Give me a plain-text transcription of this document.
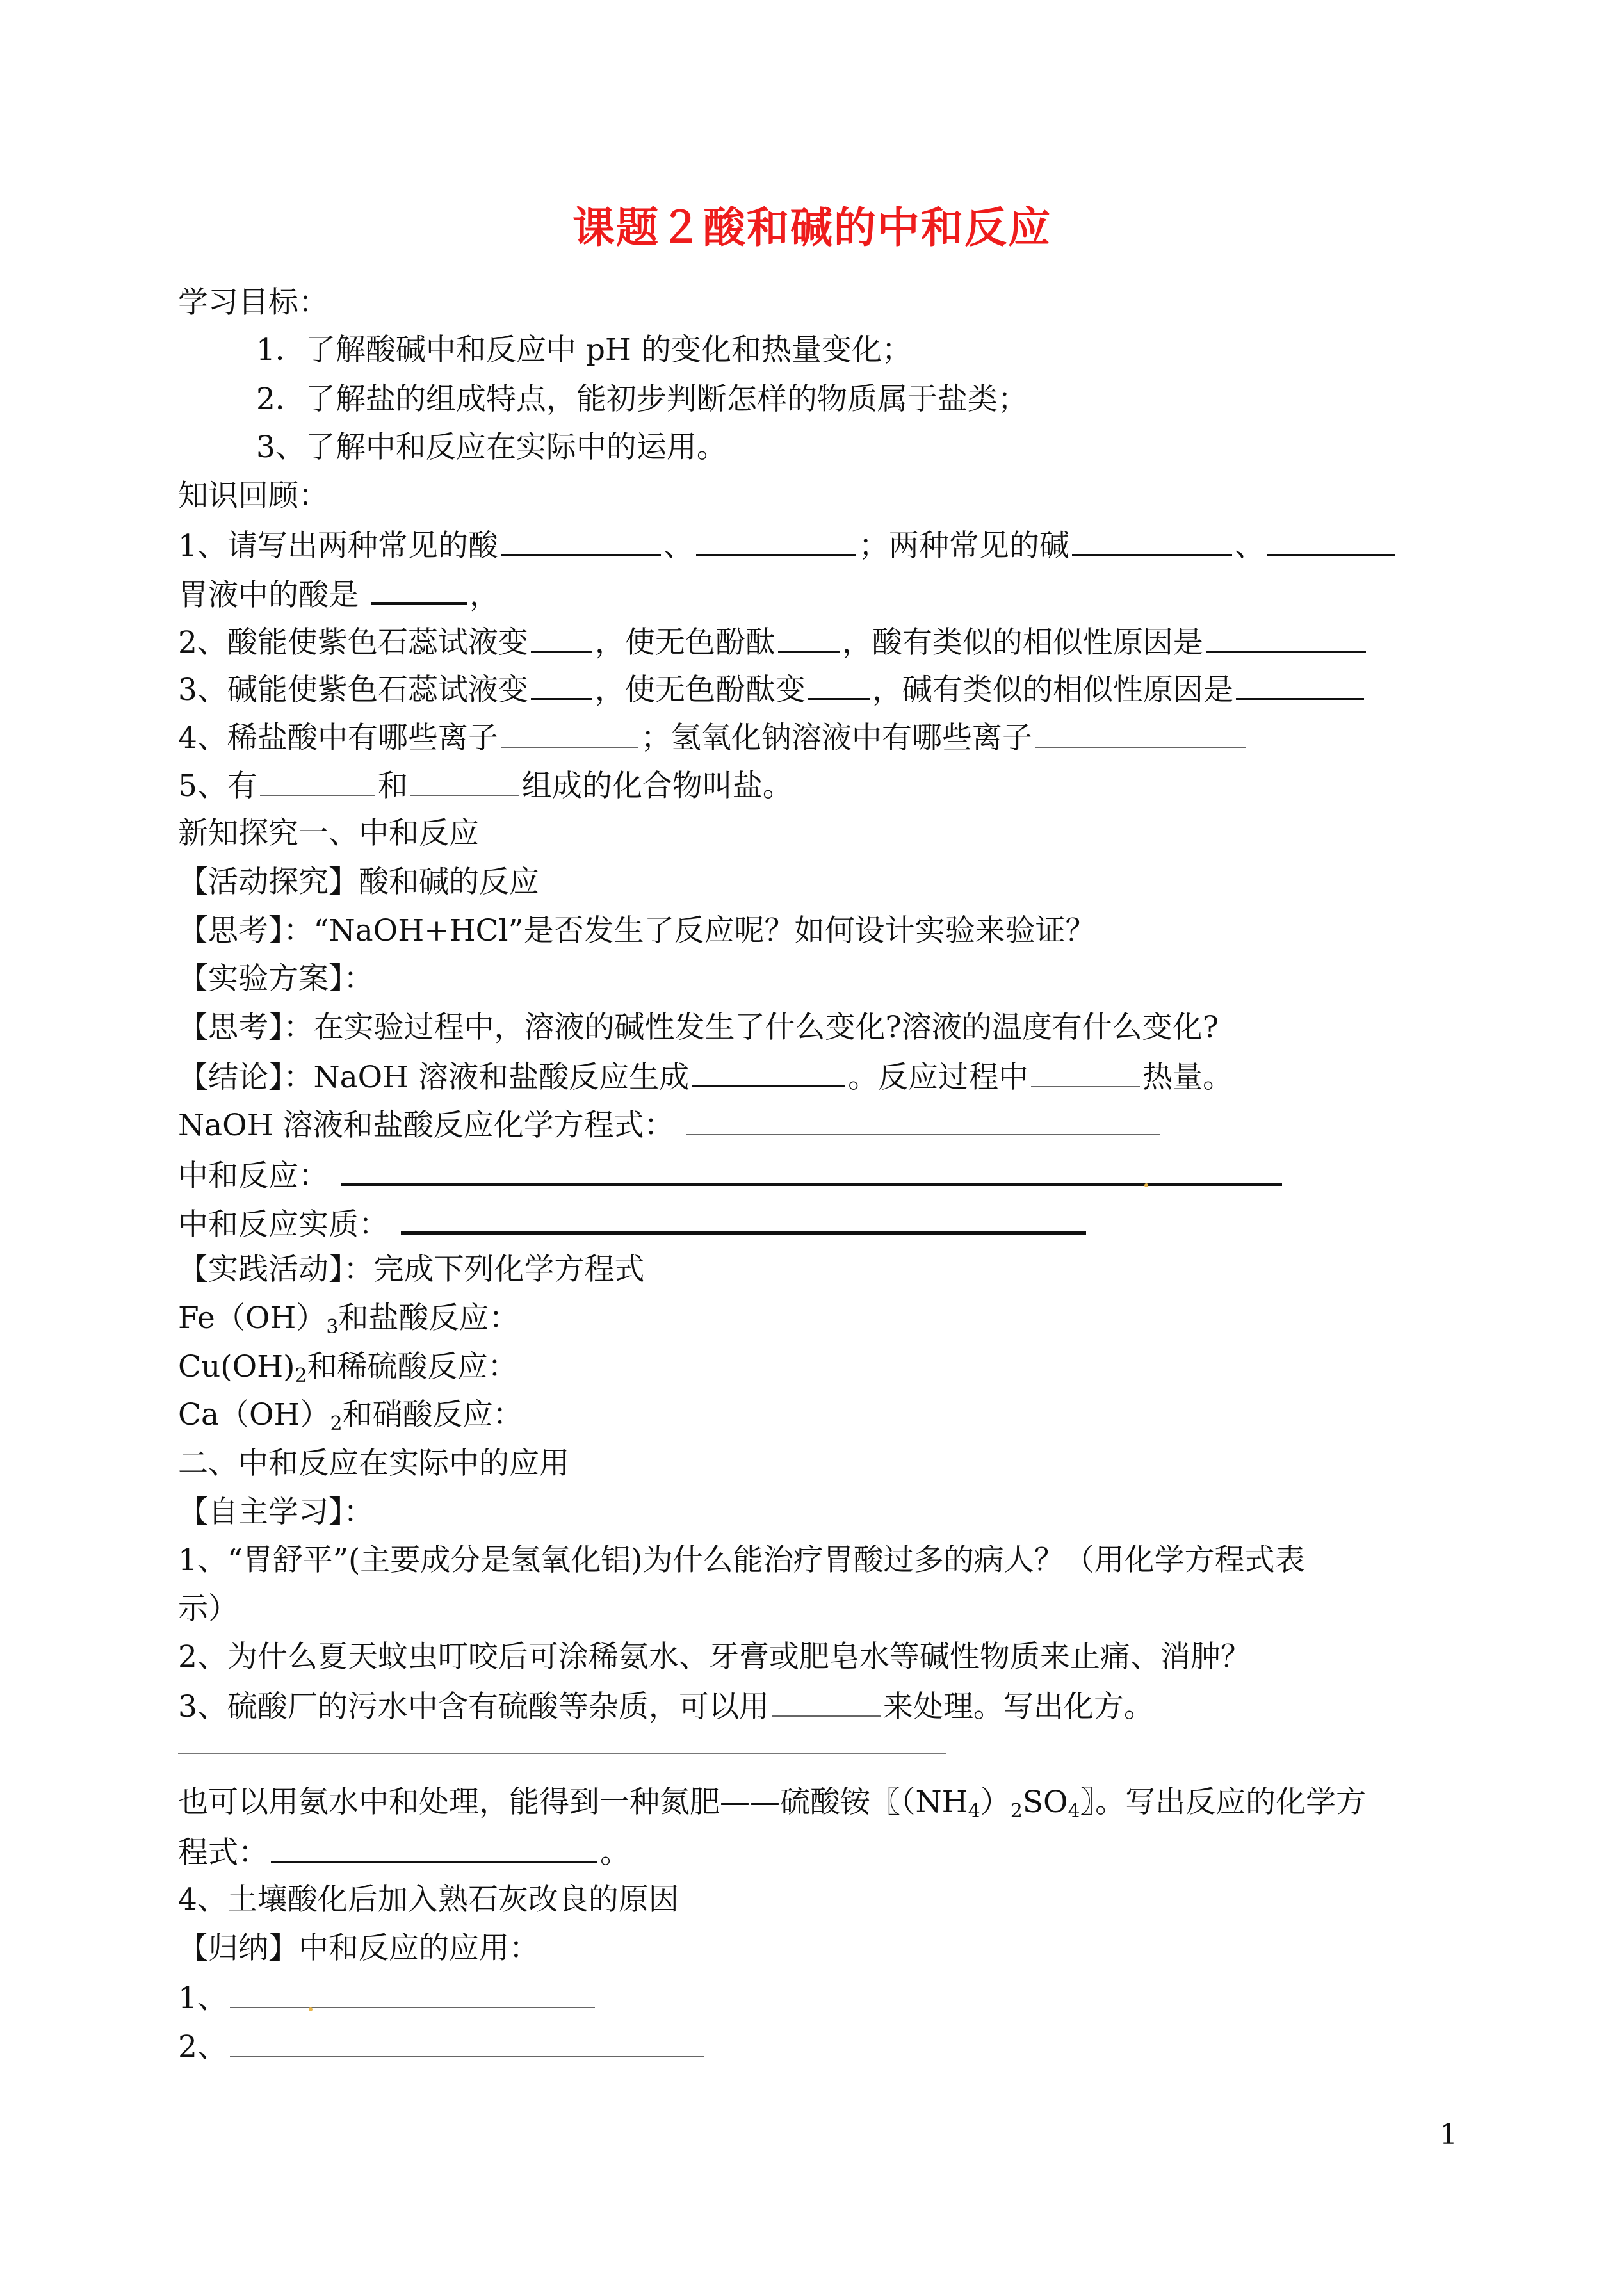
课题２酸和碱的中和反应
学习目标：
1．了解酸碱中和反应中 pH 的变化和热量变化；
2．了解盐的组成特点，能初步判断怎样的物质属于盐类；
3、了解中和反应在实际中的运用。
知识回顾：
1、请写出两种常见的酸	、	；两种常见的碱	、
胃液中的酸是	，
2、酸能使紫色石蕊试液变 ，使无色酚酞 ，酸有类似的相似性原因是
3、碱能使紫色石蕊试液变 ，使无色酚酞变 ，碱有类似的相似性原因是
4、稀盐酸中有哪些离子	；氢氧化钠溶液中有哪些离子
5、有	和	组成的化合物叫盐。
新知探究一、中和反应
【活动探究】酸和碱的反应
【思考】：“NaOH+HCl”是否发生了反应呢？如何设计实验来验证？
【实验方案】：
【思考】：在实验过程中，溶液的碱性发生了什么变化?溶液的温度有什么变化?
【结论】：NaOH 溶液和盐酸反应生成	。反应过程中	热量。
NaOH 溶液和盐酸反应化学方程式：
中和反应：
中和反应实质：
【实践活动】：完成下列化学方程式
$Fe(OH)_3$和盐酸反应：
$Cu(OH)_2$和稀硫酸反应：
$Ca(OH)_2$和硝酸反应：
二、中和反应在实际中的应用
【自主学习】：
1、“胃舒平”(主要成分是氢氧化铝)为什么能治疗胃酸过多的病人？（用化学方程式表
示）
2、为什么夏天蚊虫叮咬后可涂稀氨水、牙膏或肥皂水等碱性物质来止痛、消肿？
3、硫酸厂的污水中含有硫酸等杂质，可以用	来处理。写出化方。
也可以用氨水中和处理，能得到一种氮肥——硫酸铵〖$(NH_4)_2SO_4$〗。写出反应的化学方
程式：	。
4、土壤酸化后加入熟石灰改良的原因
【归纳】中和反应的应用：
1、
2、
1
